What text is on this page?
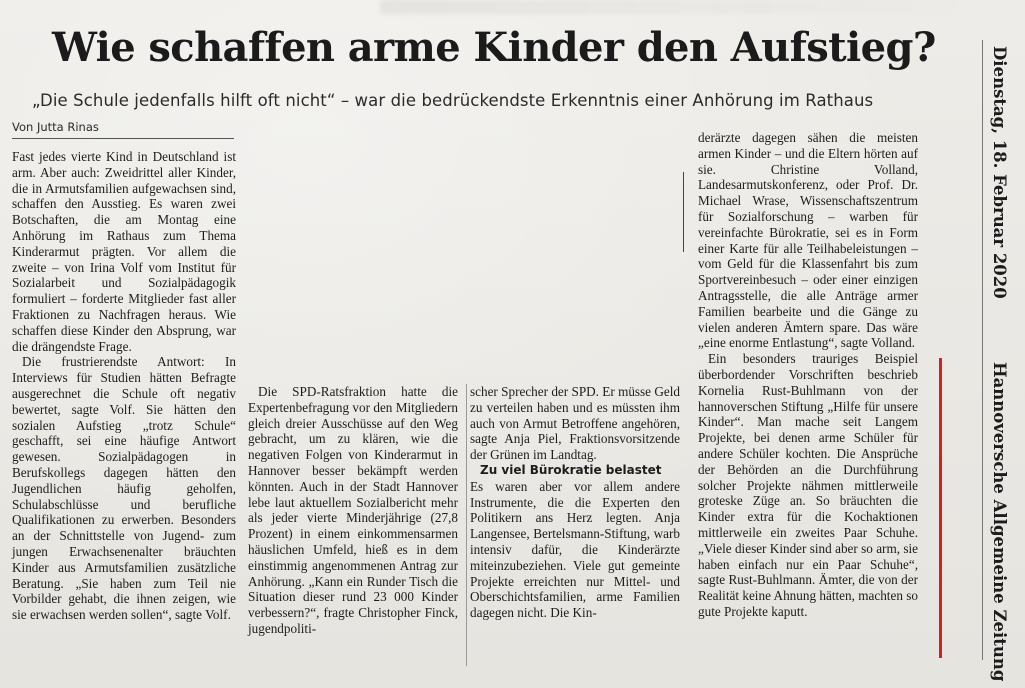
Wie schaffen arme Kinder den Aufstieg?
„Die Schule jedenfalls hilft oft nicht“ – war die bedrückendste Erkenntnis einer Anhörung im Rathaus
Von Jutta Rinas

Fast jedes vierte Kind in Deutschland ist arm. Aber auch: Zweidrittel aller Kinder, die in Armutsfamilien aufgewachsen sind, schaffen den Ausstieg. Es waren zwei Botschaften, die am Montag eine Anhörung im Rathaus zum Thema Kinderarmut prägten. Vor allem die zweite – von Irina Volf vom Institut für Sozialarbeit und Sozialpädagogik formuliert – forderte Mitglieder fast aller Fraktionen zu Nachfragen heraus. Wie schaffen diese Kinder den Absprung, war die drängendste Frage.

Die frustrierendste Antwort: In Interviews für Studien hätten Befragte ausgerechnet die Schule oft negativ bewertet, sagte Volf. Sie hätten den sozialen Aufstieg „trotz Schule“ geschafft, sei eine häufige Antwort gewesen. Sozialpädagogen in Berufskollegs dagegen hätten den Jugendlichen häufig geholfen, Schulabschlüsse und berufliche Qualifikationen zu erwerben. Besonders an der Schnittstelle von Jugend- zum jungen Erwachsenenalter bräuchten Kinder aus Armutsfamilien zusätzliche Beratung. „Sie haben zum Teil nie Vorbilder gehabt, die ihnen zeigen, wie sie erwachsen werden sollen“, sagte Volf.

Die SPD-Ratsfraktion hatte die Expertenbefragung vor den Mitgliedern gleich dreier Ausschüsse auf den Weg gebracht, um zu klären, wie die negativen Folgen von Kinderarmut in Hannover besser bekämpft werden könnten. Auch in der Stadt Hannover lebe laut aktuellem Sozialbericht mehr als jeder vierte Minderjährige (27,8 Prozent) in einem einkommensarmen häuslichen Umfeld, hieß es in dem einstimmig angenommenen Antrag zur Anhörung. „Kann ein Runder Tisch die Situation dieser rund 23 000 Kinder verbessern?“, fragte Christopher Finck, jugendpoliti-

scher Sprecher der SPD. Er müsse Geld zu verteilen haben und es müssten ihm auch von Armut Betroffene angehören, sagte Anja Piel, Fraktionsvorsitzende der Grünen im Landtag.

Zu viel Bürokratie belastet

Es waren aber vor allem andere Instrumente, die die Experten den Politikern ans Herz legten. Anja Langensee, Bertelsmann-Stiftung, warb intensiv dafür, die Kinderärzte miteinzubeziehen. Viele gut gemeinte Projekte erreichten nur Mittel- und Oberschichtsfamilien, arme Familien dagegen nicht. Die Kin-

derärzte dagegen sähen die meisten armen Kinder – und die Eltern hörten auf sie. Christine Volland, Landesarmutskonferenz, oder Prof. Dr. Michael Wrase, Wissenschaftszentrum für Sozialforschung – warben für vereinfachte Bürokratie, sei es in Form einer Karte für alle Teilhabeleistungen – vom Geld für die Klassenfahrt bis zum Sportvereinbesuch – oder einer einzigen Antragsstelle, die alle Anträge armer Familien bearbeite und die Gänge zu vielen anderen Ämtern spare. Das wäre „eine enorme Entlastung“, sagte Volland.

Ein besonders trauriges Beispiel überbordender Vorschriften beschrieb Kornelia Rust-Buhlmann von der hannoverschen Stiftung „Hilfe für unsere Kinder“. Man mache seit Langem Projekte, bei denen arme Schüler für andere Schüler kochten. Die Ansprüche der Behörden an die Durchführung solcher Projekte nähmen mittlerweile groteske Züge an. So bräuchten die Kinder extra für die Kochaktionen mittlerweile ein zweites Paar Schuhe. „Viele dieser Kinder sind aber so arm, sie haben einfach nur ein Paar Schuhe“, sagte Rust-Buhlmann. Ämter, die von der Realität keine Ahnung hätten, machten so gute Projekte kaputt.

Dienstag, 18. Februar 2020
Hannoversche Allgemeine Zeitung
